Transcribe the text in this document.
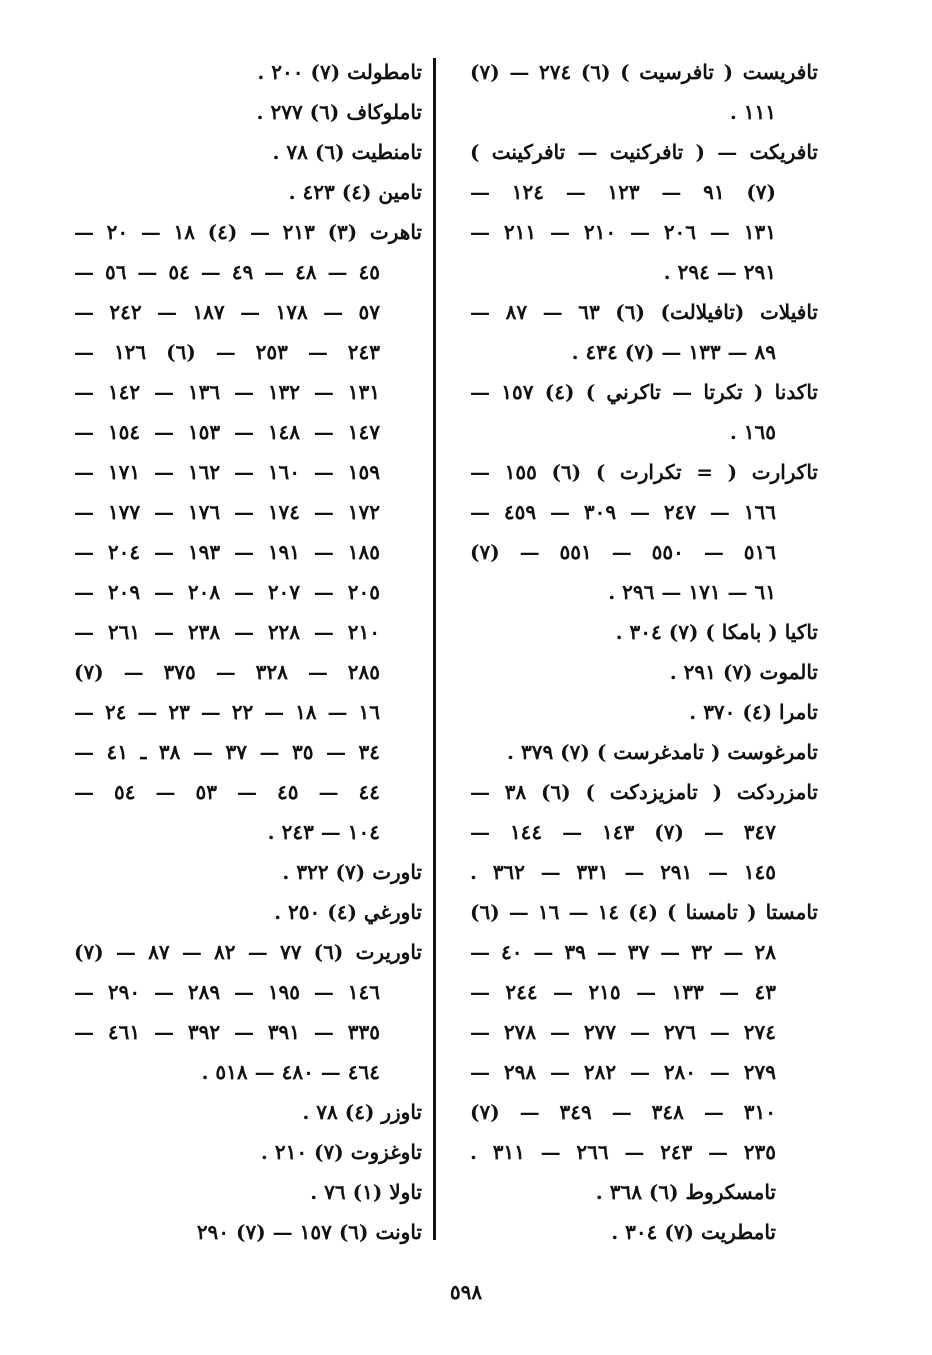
تافريست ( تافرسيت ) (٦) ٢٧٤ — (٧)
١١١ .
تافريكت — ( تافركنيت — تافركينت )
(٧) ٩١ — ١٢٣ — ١٢٤ —
١٣١ — ٢٠٦ — ٢١٠ — ٢١١ —
٢٩١ — ٢٩٤ .
تافيلات (تافيلالت) (٦) ٦٣ — ٨٧ —
٨٩ — ١٣٣ — (٧) ٤٣٤ .
تاكدنا ( تكرتا — تاكرني ) (٤) ١٥٧ —
١٦٥ .
تاكرارت ( = تكرارت ) (٦) ١٥٥ —
١٦٦ — ٢٤٧ — ٣٠٩ — ٤٥٩ —
٥١٦ — ٥٥٠ — ٥٥١ — (٧)
٦١ — ١٧١ — ٢٩٦ .
تاكيا ( بامكا ) (٧) ٣٠٤ .
تالموت (٧) ٢٩١ .
تامرا (٤) ٣٧٠ .
تامرغوست ( تامدغرست ) (٧) ٣٧٩ .
تامزردكت ( تامزيزدكت ) (٦) ٣٨ —
٣٤٧ — (٧) ١٤٣ — ١٤٤ —
١٤٥ — ٢٩١ — ٣٣١ — ٣٦٢ .
تامستا ( تامسنا ) (٤) ١٤ — ١٦ — (٦)
٢٨ — ٣٢ — ٣٧ — ٣٩ — ٤٠ —
٤٣ — ١٣٣ — ٢١٥ — ٢٤٤ —
٢٧٤ — ٢٧٦ — ٢٧٧ — ٢٧٨ —
٢٧٩ — ٢٨٠ — ٢٨٢ — ٢٩٨ —
٣١٠ — ٣٤٨ — ٣٤٩ — (٧)
٢٣٥ — ٢٤٣ — ٢٦٦ — ٣١١ .
تامسكروط (٦) ٣٦٨ .
تامطريت (٧) ٣٠٤ .
تامطولت (٧) ٢٠٠ .
تاملوكاف (٦) ٢٧٧ .
تامنطيت (٦) ٧٨ .
تامين (٤) ٤٢٣ .
تاهرت (٣) ٢١٣ — (٤) ١٨ — ٢٠ —
٤٥ — ٤٨ — ٤٩ — ٥٤ — ٥٦ —
٥٧ — ١٧٨ — ١٨٧ — ٢٤٢ —
٢٤٣ — ٢٥٣ — (٦) ١٢٦ —
١٣١ — ١٣٢ — ١٣٦ — ١٤٢ —
١٤٧ — ١٤٨ — ١٥٣ — ١٥٤ —
١٥٩ — ١٦٠ — ١٦٢ — ١٧١ —
١٧٢ — ١٧٤ — ١٧٦ — ١٧٧ —
١٨٥ — ١٩١ — ١٩٣ — ٢٠٤ —
٢٠٥ — ٢٠٧ — ٢٠٨ — ٢٠٩ —
٢١٠ — ٢٢٨ — ٢٣٨ — ٢٦١ —
٢٨٥ — ٣٢٨ — ٣٧٥ — (٧)
١٦ — ١٨ — ٢٢ — ٢٣ — ٢٤ —
٣٤ — ٣٥ — ٣٧ — ٣٨ ـ ٤١ —
٤٤ — ٤٥ — ٥٣ — ٥٤ —
١٠٤ — ٢٤٣ .
تاورت (٧) ٣٢٢ .
تاورغي (٤) ٢٥٠ .
تاوريرت (٦) ٧٧ — ٨٢ — ٨٧ — (٧)
١٤٦ — ١٩٥ — ٢٨٩ — ٢٩٠ —
٣٣٥ — ٣٩١ — ٣٩٢ — ٤٦١ —
٤٦٤ — ٤٨٠ — ٥١٨ .
تاوزر (٤) ٧٨ .
تاوغزوت (٧) ٢١٠ .
تاولا (١) ٧٦ .
تاونت (٦) ١٥٧ — (٧) ٢٩٠
٥٩٨
